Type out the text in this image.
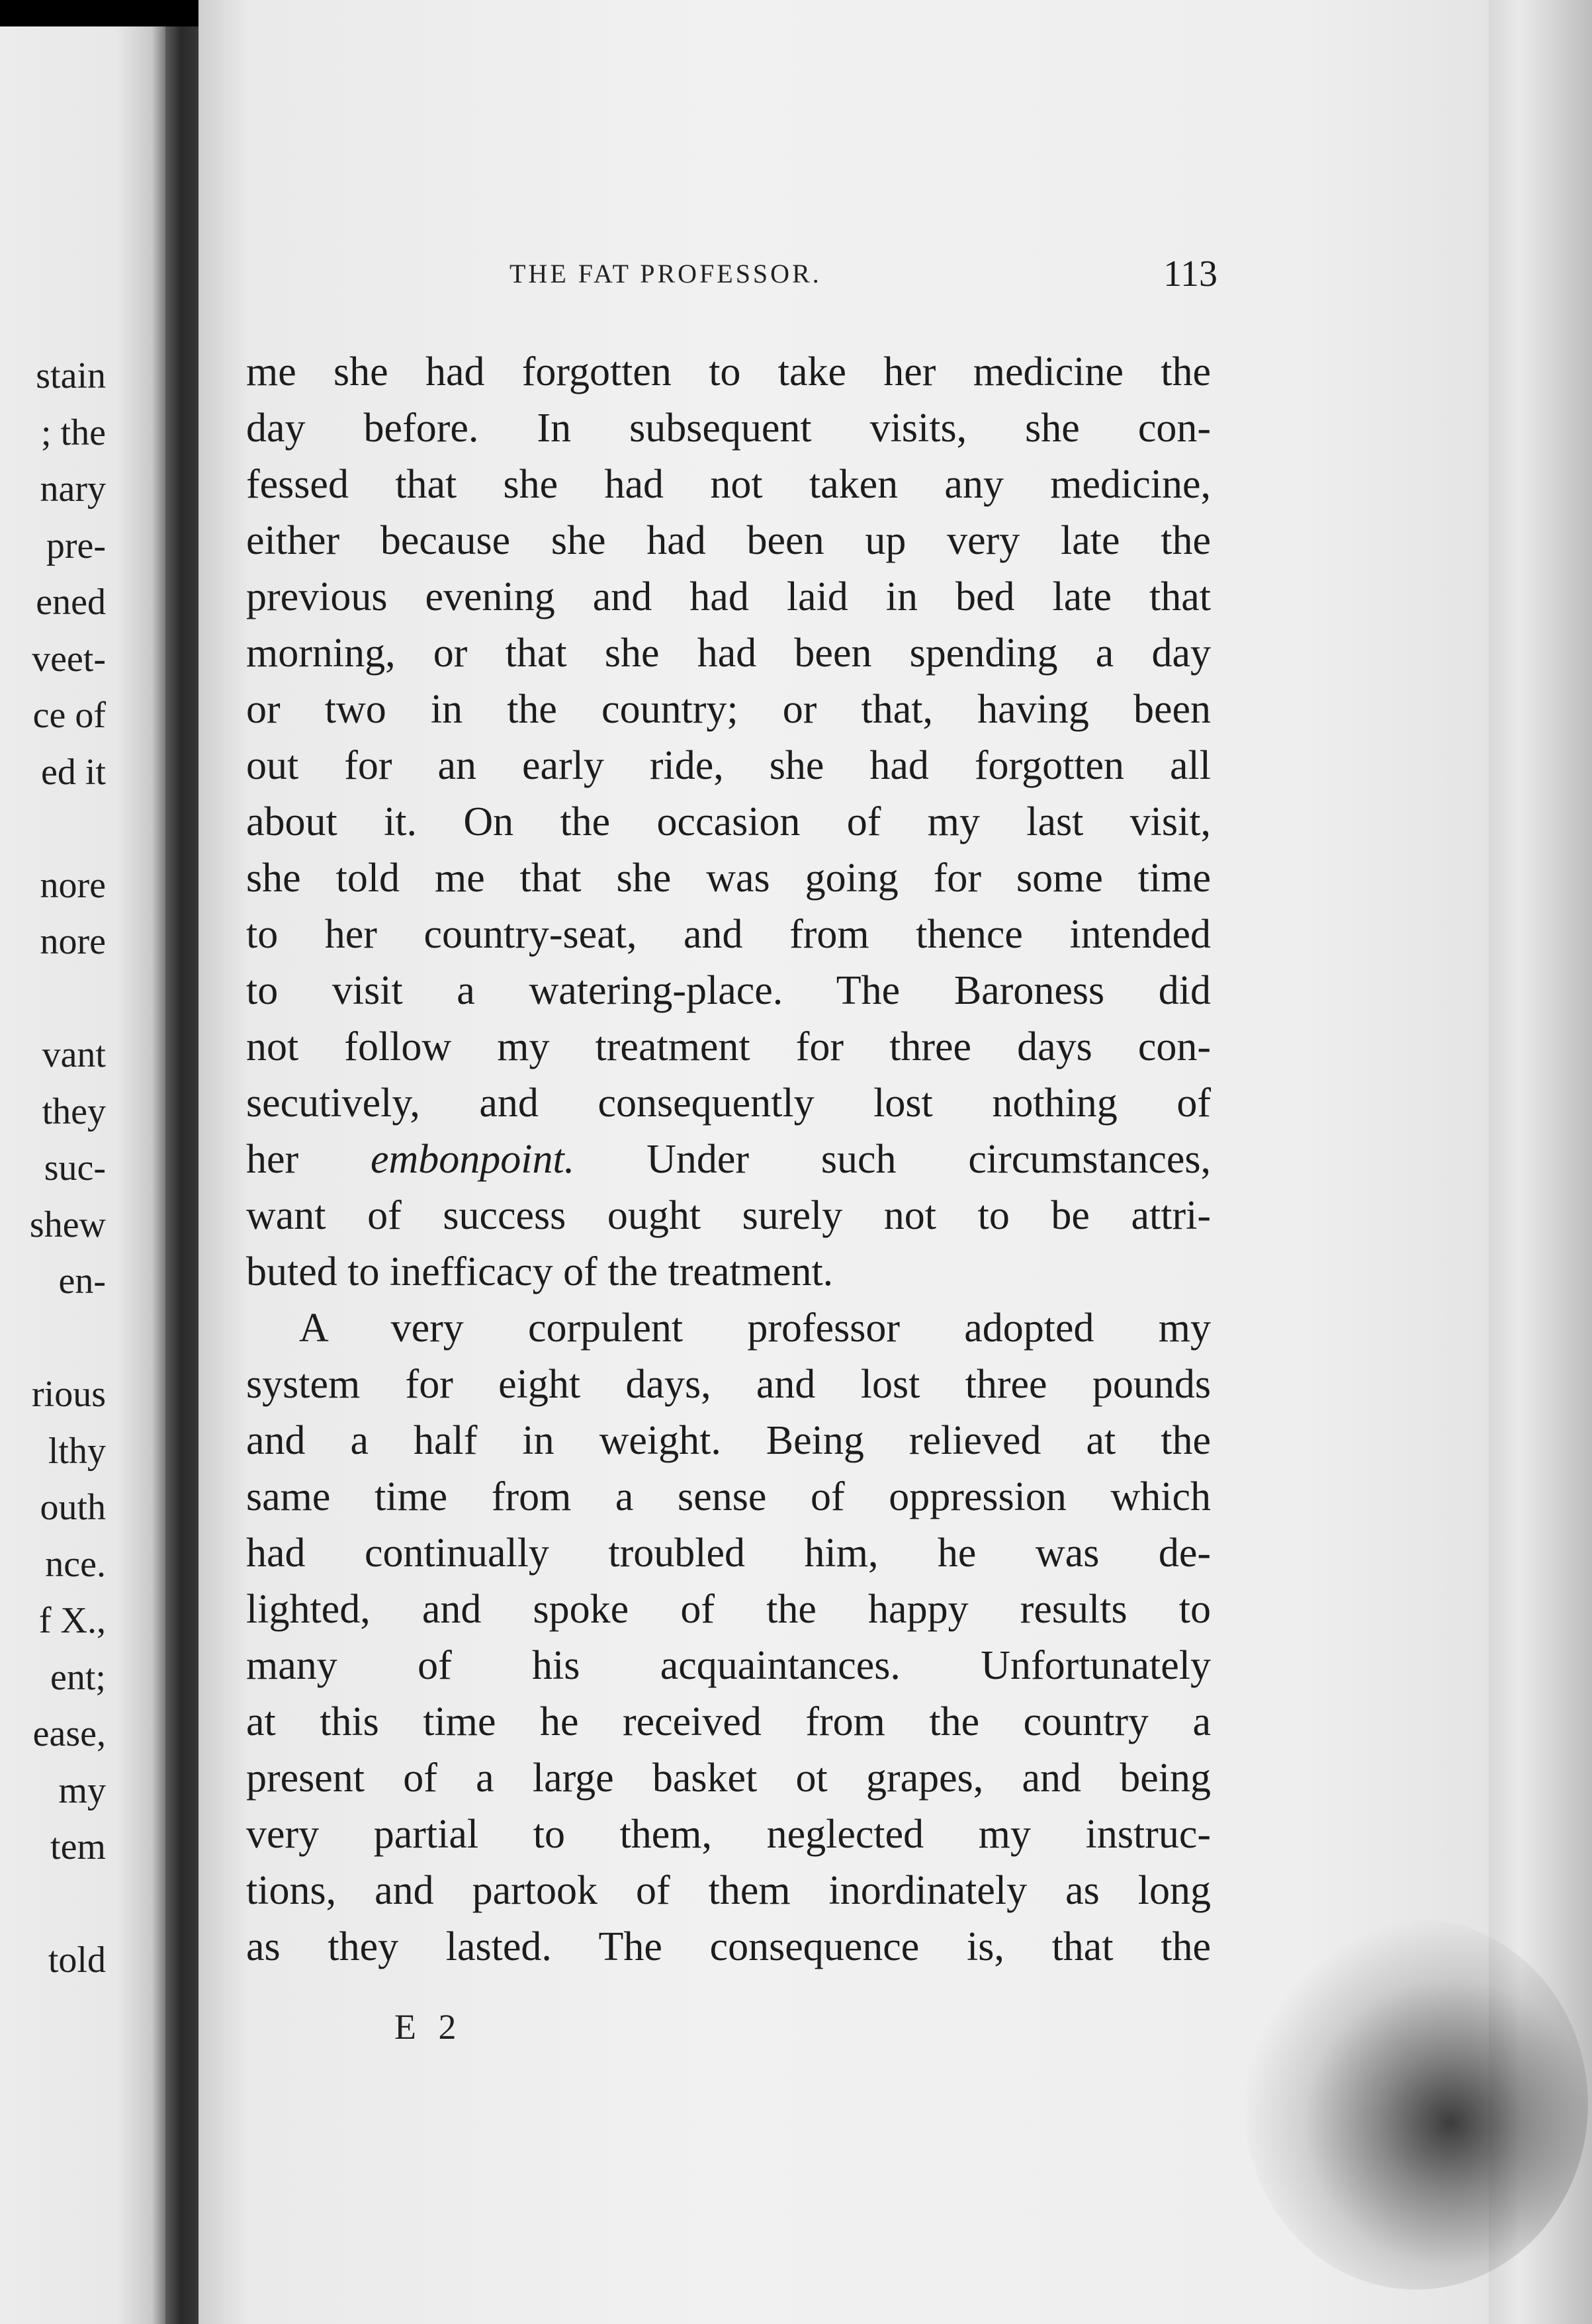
stain
; the
nary
pre-
ened
veet-
ce of
ed it
nore
nore
vant
they
suc-
shew
en-
rious
lthy
outh
nce.
f X.,
ent;
ease,
my
tem
told
THE FAT PROFESSOR.	113
me she had forgotten to take her medicine the
day before. In subsequent visits, she con-
fessed that she had not taken any medicine,
either because she had been up very late the
previous evening and had laid in bed late that
morning, or that she had been spending a day
or two in the country; or that, having been
out for an early ride, she had forgotten all
about it. On the occasion of my last visit,
she told me that she was going for some time
to her country-seat, and from thence intended
to visit a watering-place. The Baroness did
not follow my treatment for three days con-
secutively, and consequently lost nothing of
her embonpoint. Under such circumstances,
want of success ought surely not to be attri-
buted to inefficacy of the treatment.
A very corpulent professor adopted my
system for eight days, and lost three pounds
and a half in weight. Being relieved at the
same time from a sense of oppression which
had continually troubled him, he was de-
lighted, and spoke of the happy results to
many of his acquaintances. Unfortunately
at this time he received from the country a
present of a large basket ot grapes, and being
very partial to them, neglected my instruc-
tions, and partook of them inordinately as long
as they lasted. The consequence is, that the
E 2
